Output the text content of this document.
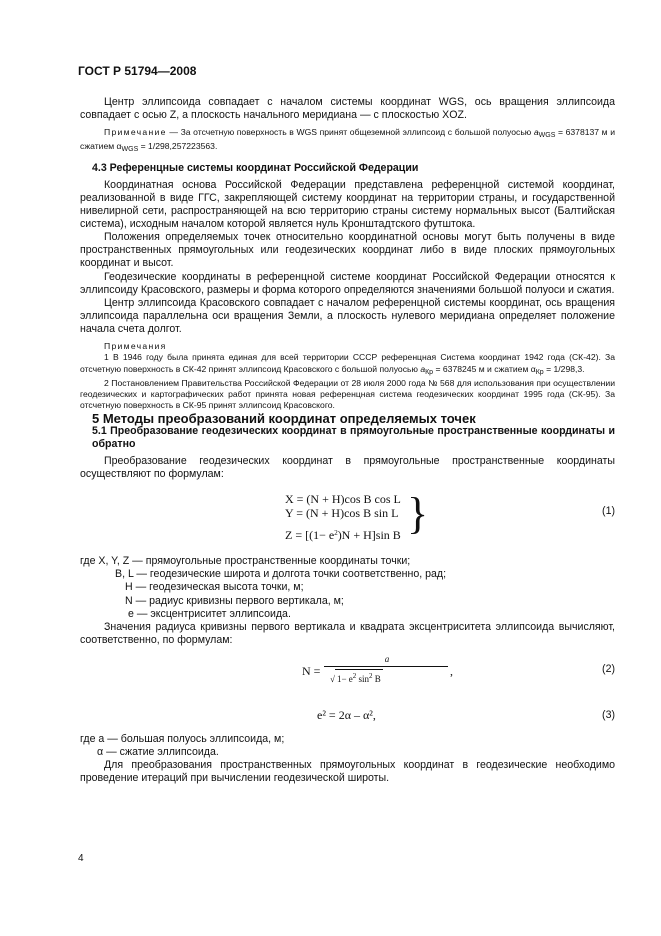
ГОСТ Р 51794—2008

Центр эллипсоида совпадает с началом системы координат WGS, ось вращения эллипсоида совпадает с осью Z, а плоскость начального меридиана — с плоскостью XOZ.

Примечание — За отсчетную поверхность в WGS принят общеземной эллипсоид с большой полуосью $a_{WGS} = 6378137$ м и сжатием $\alpha_{WGS} = 1/298,257223563$.

4.3 Референцные системы координат Российской Федерации

Координатная основа Российской Федерации представлена референцной системой координат, реализованной в виде ГГС, закрепляющей систему координат на территории страны, и государственной нивелирной сети, распространяющей на всю территорию страны систему нормальных высот (Балтийская система), исходным началом которой является нуль Кронштадтского футштока.

Положения определяемых точек относительно координатной основы могут быть получены в виде пространственных прямоугольных или геодезических координат либо в виде плоских прямоугольных координат и высот.

Геодезические координаты в референцной системе координат Российской Федерации относятся к эллипсоиду Красовского, размеры и форма которого определяются значениями большой полуоси и сжатия.

Центр эллипсоида Красовского совпадает с началом референцной системы координат, ось вращения эллипсоида параллельна оси вращения Земли, а плоскость нулевого меридиана определяет положение начала счета долгот.

Примечания

1 В 1946 году была принята единая для всей территории СССР референцная Система координат 1942 года (СК-42). За отсчетную поверхность в СК-42 принят эллипсоид Красовского с большой полуосью $a_{Кр} = 6378245$ м и сжатием $\alpha_{Кр} = 1/298,3$.

2 Постановлением Правительства Российской Федерации от 28 июля 2000 года № 568 для использования при осуществлении геодезических и картографических работ принята новая референцная система геодезических координат 1995 года (СК-95). За отсчетную поверхность в СК-95 принят эллипсоид Красовского.

5 Методы преобразований координат определяемых точек

5.1 Преобразование геодезических координат в прямоугольные пространственные координаты и обратно

Преобразование геодезических координат в прямоугольные пространственные координаты осуществляют по формулам:

X = (N + H)cos B cos L
Y = (N + H)cos B sin L
$Z = [(1- e^2)N + H]\sin$ B }	(1)
где X, Y, Z — прямоугольные пространственные координаты точки;
B, L — геодезические широта и долгота точки соответственно, рад;
H — геодезическая высота точки, м;
N — радиус кривизны первого вертикала, м;
e — эксцентриситет эллипсоида.

Значения радиуса кривизны первого вертикала и квадрата эксцентриситета эллипсоида вычисляют, соответственно, по формулам:

N =
a
√ $1- e^2$ $\sin^2 B$
,	(2)
e² = 2α – α²,	(3)
где a — большая полуось эллипсоида, м;
α — сжатие эллипсоида.

Для преобразования пространственных прямоугольных координат в геодезические необходимо проведение итераций при вычислении геодезической широты.

4
